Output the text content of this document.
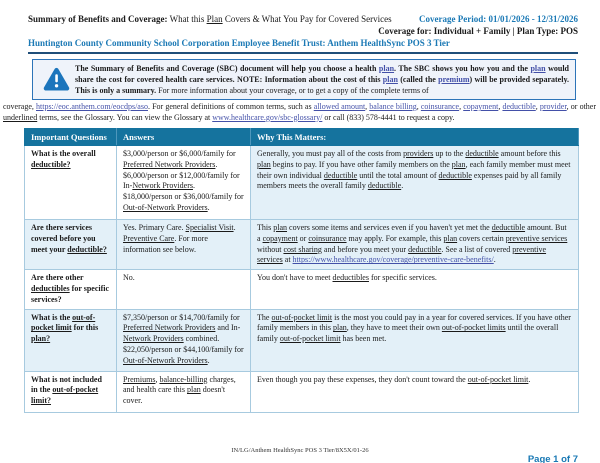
Summary of Benefits and Coverage: What this Plan Covers & What You Pay for Covered Services	Coverage Period: 01/01/2026 - 12/31/2026
Coverage for: Individual + Family | Plan Type: POS
Huntington County Community School Corporation Employee Benefit Trust: Anthem HealthSync POS 3 Tier
The Summary of Benefits and Coverage (SBC) document will help you choose a health plan. The SBC shows you how you and the plan would share the cost for covered health care services. NOTE: Information about the cost of this plan (called the premium) will be provided separately. This is only a summary. For more information about your coverage, or to get a copy of the complete terms of

coverage, https://eoc.anthem.com/eocdps/aso. For general definitions of common terms, such as allowed amount, balance billing, coinsurance, copayment, deductible, provider, or other underlined terms, see the Glossary. You can view the Glossary at www.healthcare.gov/sbc-glossary/ or call (833) 578-4441 to request a copy.

Important Questions	Answers	Why This Matters:
What is the overall deductible?	$3,000/person or $6,000/family for Preferred Network Providers. $6,000/person or $12,000/family for In-Network Providers. $18,000/person or $36,000/family for Out-of-Network Providers.	Generally, you must pay all of the costs from providers up to the deductible amount before this plan begins to pay. If you have other family members on the plan, each family member must meet their own individual deductible until the total amount of deductible expenses paid by all family members meets the overall family deductible.
Are there services covered before you meet your deductible?	Yes. Primary Care. Specialist Visit. Preventive Care. For more information see below.	This plan covers some items and services even if you haven't yet met the deductible amount. But a copayment or coinsurance may apply. For example, this plan covers certain preventive services without cost sharing and before you meet your deductible. See a list of covered preventive services at https://www.healthcare.gov/coverage/preventive-care-benefits/.
Are there other deductibles for specific services?	No.	You don't have to meet deductibles for specific services.
What is the out-of-pocket limit for this plan?	$7,350/person or $14,700/family for Preferred Network Providers and In-Network Providers combined. $22,050/person or $44,100/family for Out-of-Network Providers.	The out-of-pocket limit is the most you could pay in a year for covered services. If you have other family members in this plan, they have to meet their own out-of-pocket limits until the overall family out-of-pocket limit has been met.
What is not included in the out-of-pocket limit?	Premiums, balance-billing charges, and health care this plan doesn't cover.	Even though you pay these expenses, they don't count toward the out-of-pocket limit.
IN/LG/Anthem HealthSync POS 3 Tier/8X5X/01-26
Page 1 of 7
